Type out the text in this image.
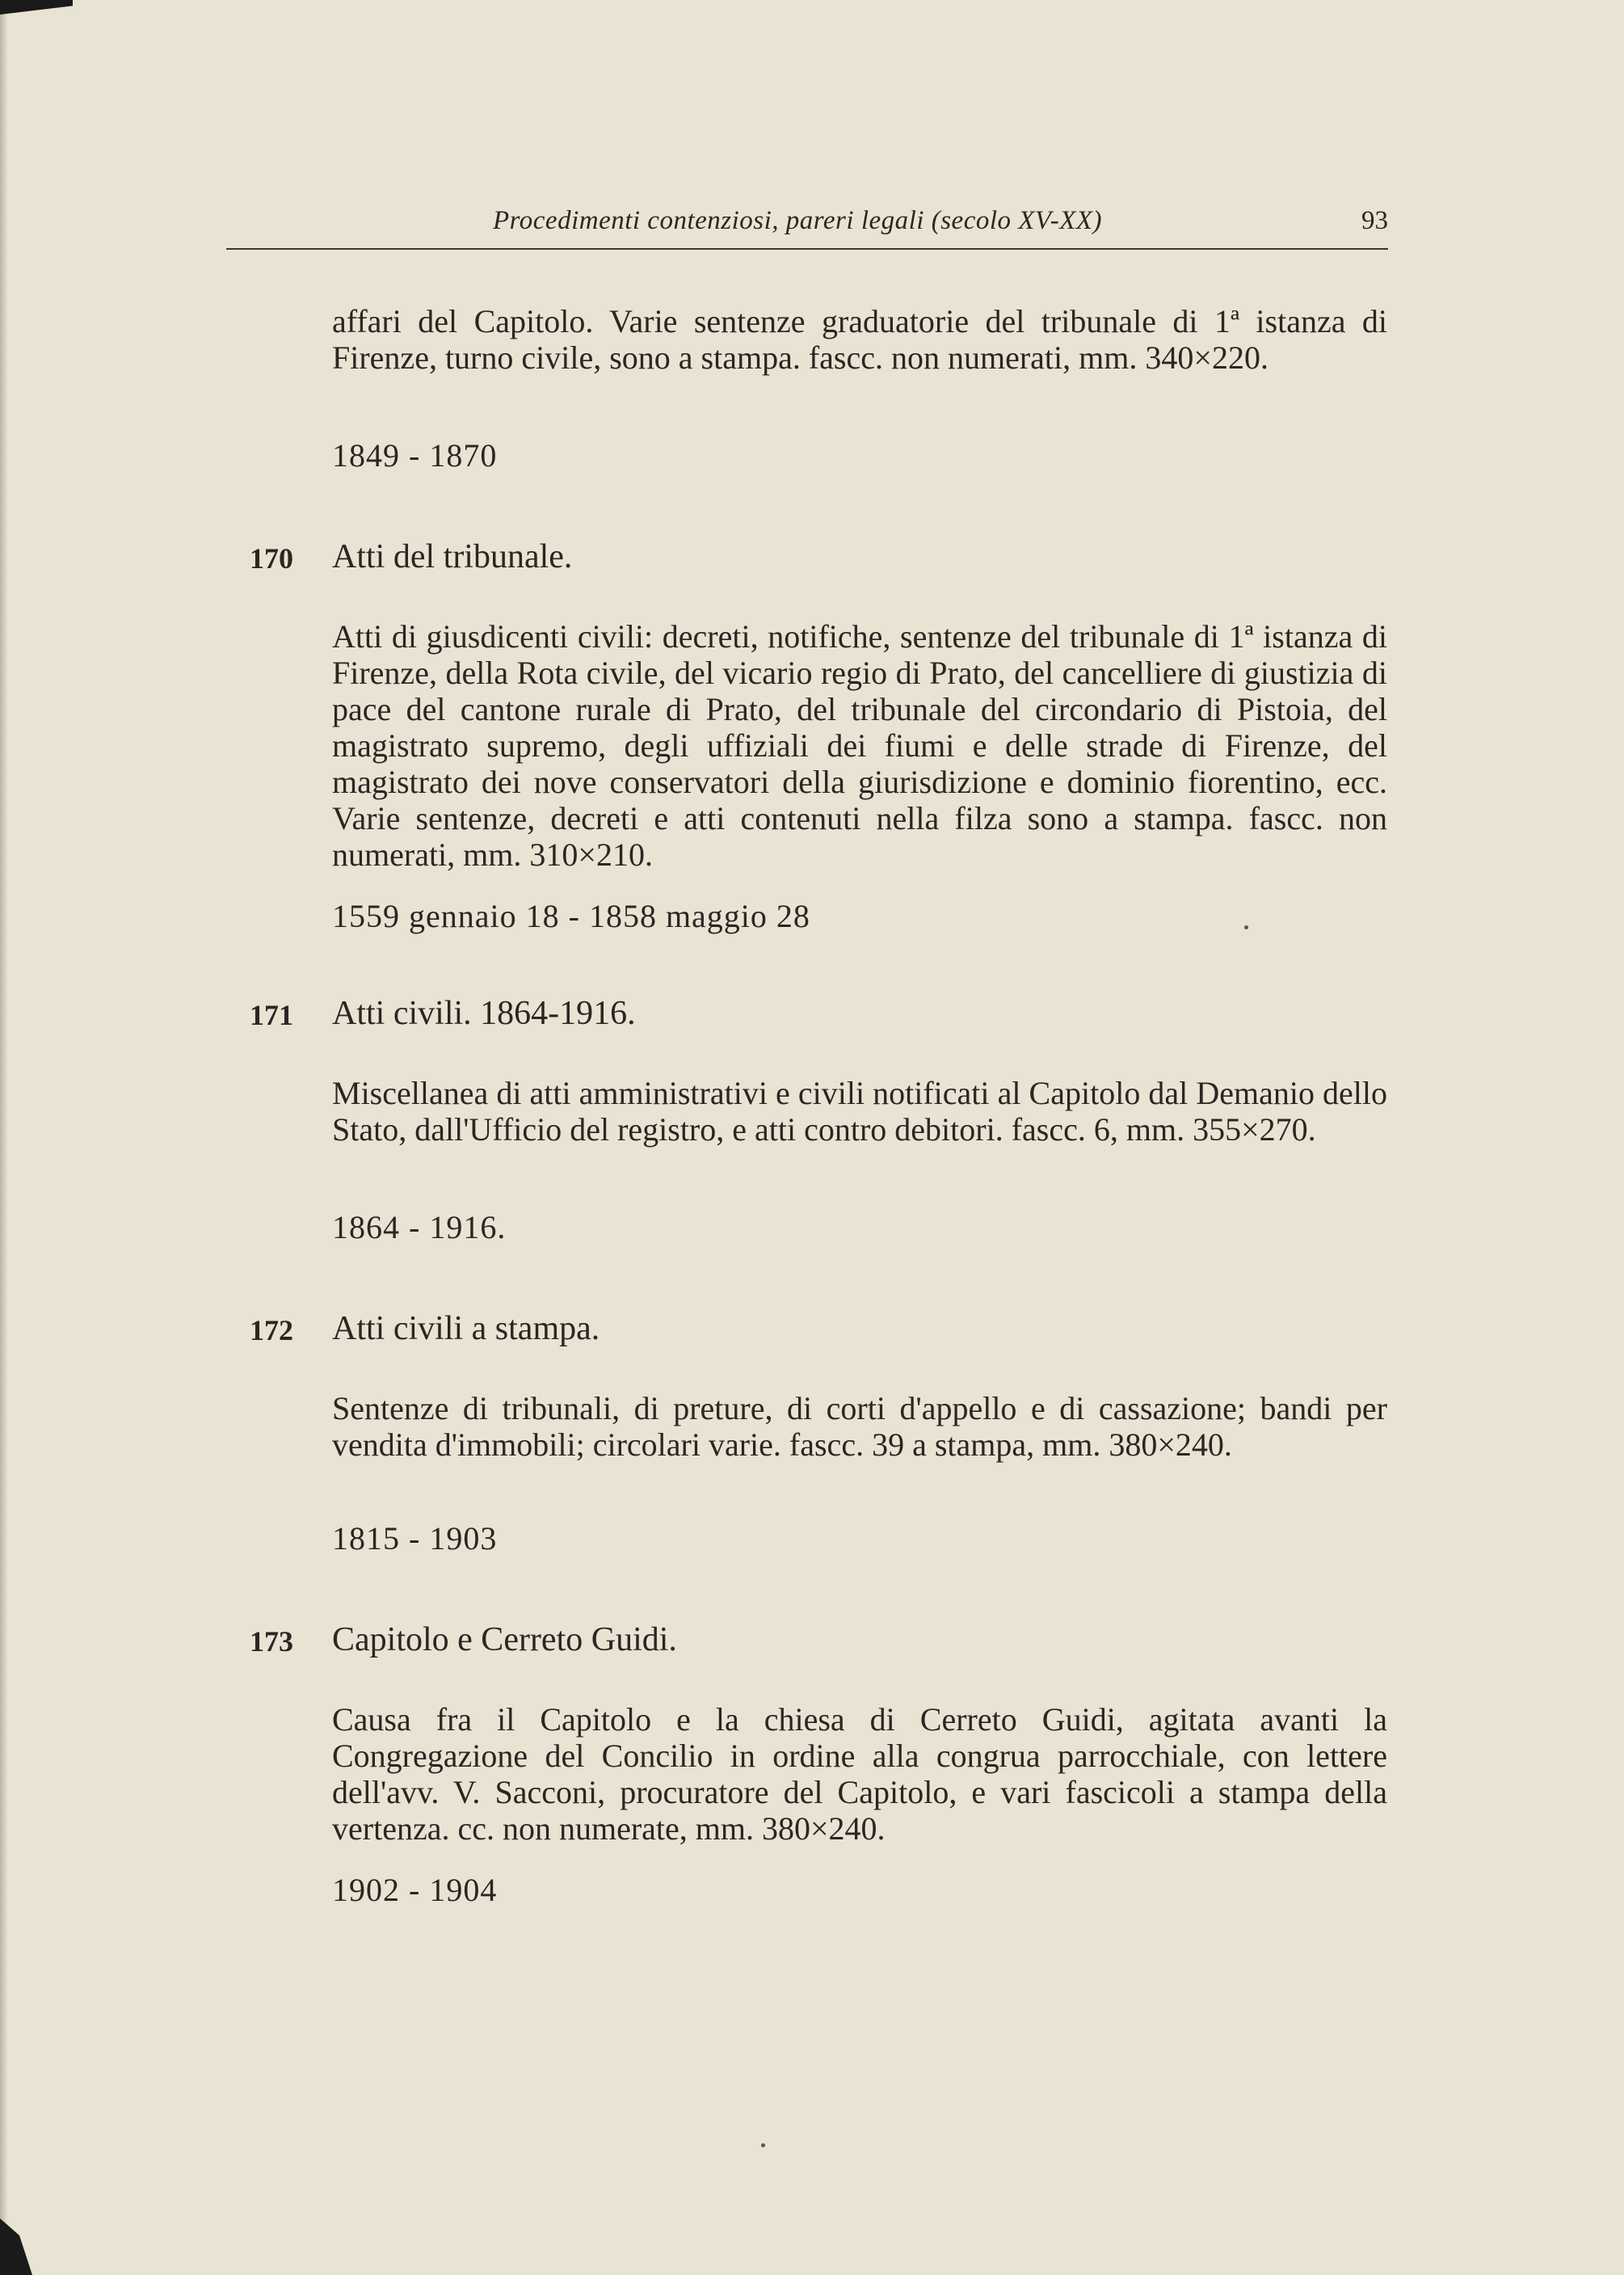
Procedimenti contenziosi, pareri legali (secolo XV-XX)	93
affari del Capitolo. Varie sentenze graduatorie del tribunale di 1ª istanza di Firenze, turno civile, sono a stampa. fascc. non numerati, mm. 340×220.
1849 - 1870
170 Atti del tribunale.
Atti di giusdicenti civili: decreti, notifiche, sentenze del tribunale di 1ª istanza di Firenze, della Rota civile, del vicario regio di Prato, del cancelliere di giustizia di pace del cantone rurale di Prato, del tribunale del circondario di Pistoia, del magistrato supremo, degli uffiziali dei fiumi e delle strade di Firenze, del magistrato dei nove conservatori della giurisdizione e dominio fiorentino, ecc. Varie sentenze, decreti e atti contenuti nella filza sono a stampa. fascc. non numerati, mm. 310×210.
1559 gennaio 18 - 1858 maggio 28
171 Atti civili. 1864-1916.
Miscellanea di atti amministrativi e civili notificati al Capitolo dal Demanio dello Stato, dall'Ufficio del registro, e atti contro debitori. fascc. 6, mm. 355×270.
1864 - 1916.
172 Atti civili a stampa.
Sentenze di tribunali, di preture, di corti d'appello e di cassazione; bandi per vendita d'immobili; circolari varie. fascc. 39 a stampa, mm. 380×240.
1815 - 1903
173 Capitolo e Cerreto Guidi.
Causa fra il Capitolo e la chiesa di Cerreto Guidi, agitata avanti la Congregazione del Concilio in ordine alla congrua parrocchiale, con lettere dell'avv. V. Sacconi, procuratore del Capitolo, e vari fascicoli a stampa della vertenza. cc. non numerate, mm. 380×240.
1902 - 1904
